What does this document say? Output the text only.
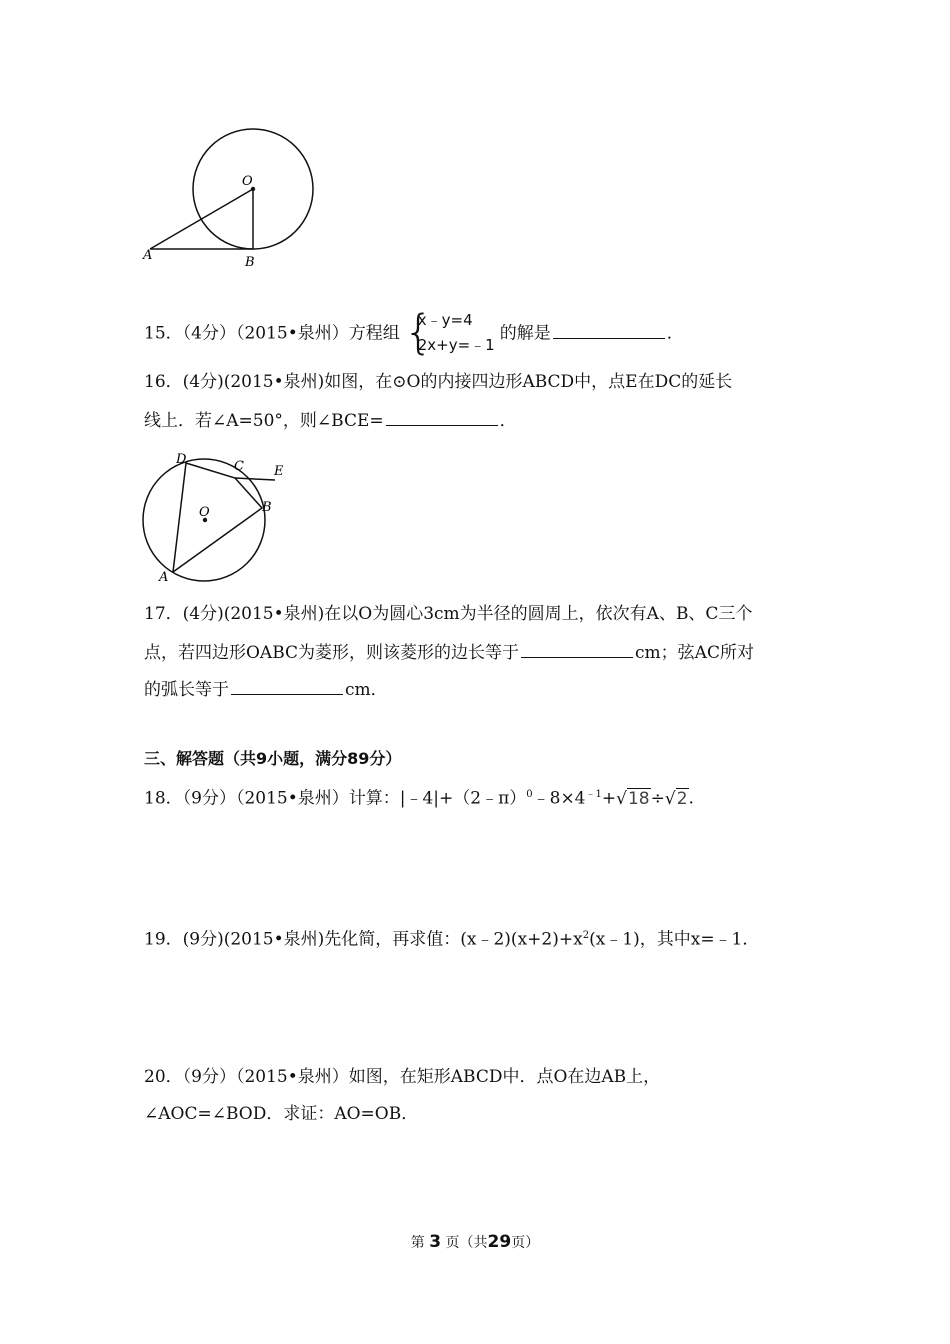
O
A	B
15．（4分）（2015•泉州）方程组 {
x﹣y=4
2x+y=﹣1
的解是	．
16．(4分)(2015•泉州)如图，在⊙O的内接四边形ABCD中，点E在DC的延长
线上．若∠A=50°，则∠BCE=	．
D	C E
B
O
A
17．(4分)(2015•泉州)在以O为圆心3cm为半径的圆周上，依次有A、B、C三个
点，若四边形OABC为菱形，则该菱形的边长等于	cm；弦AC所对
的弧长等于	cm．
三、解答题（共9小题，满分89分）
18．（9分）（2015•泉州）计算：$|﹣4|+(2﹣\pi)^0﹣8\times 4^{﹣1}+√18\div√2$.
19．(9分)(2015•泉州)先化简，再求值：$(x﹣2)(x+2)+x^2(x﹣1)$，其中x=﹣1．
20．（9分）（2015•泉州）如图，在矩形ABCD中．点O在边AB上，
∠AOC=∠BOD．求证：AO=OB．
第 3 页（共29页）
